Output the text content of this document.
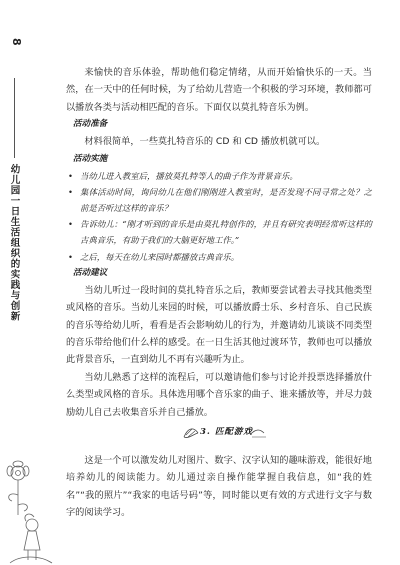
8
幼儿园一日生活组织的实践与创新

来愉快的音乐体验，帮助他们稳定情绪，从而开始愉快乐的一天。当然，在一天中的任何时候，为了给幼儿营造一个积极的学习环境，教师都可以播放各类与活动相匹配的音乐。下面仅以莫扎特音乐为例。

活动准备

材料很简单，一些莫扎特音乐的 CD 和 CD 播放机就可以。

活动实施

• 当幼儿进入教室后，播放莫扎特等人的曲子作为背景音乐。

• 集体活动时间，询问幼儿在他们刚刚进入教室时，是否发现不同寻常之处？之前是否听过这样的音乐？

• 告诉幼儿：“刚才听到的音乐是由莫扎特创作的，并且有研究表明经常听这样的古典音乐，有助于我们的大脑更好地工作。”

• 之后，每天在幼儿来园时都播放古典音乐。

活动建议

当幼儿听过一段时间的莫扎特音乐之后，教师要尝试着去寻找其他类型或风格的音乐。当幼儿来园的时候，可以播放爵士乐、乡村音乐、自己民族的音乐等给幼儿听，看看是否会影响幼儿的行为，并邀请幼儿谈谈不同类型的音乐带给他们什么样的感受。在一日生活其他过渡环节，教师也可以播放此背景音乐，一直到幼儿不再有兴趣听为止。

当幼儿熟悉了这样的流程后，可以邀请他们参与讨论并投票选择播放什么类型或风格的音乐。具体选用哪个音乐家的曲子、谁来播放等，并尽力鼓励幼儿自己去收集音乐并自己播放。

3. 匹配游戏

这是一个可以激发幼儿对图片、数字、汉字认知的趣味游戏，能很好地培养幼儿的阅读能力。幼儿通过亲自操作能掌握自我信息，如“我的姓名”“我的照片”“我家的电话号码”等，同时能以更有效的方式进行文字与数字的阅读学习。
